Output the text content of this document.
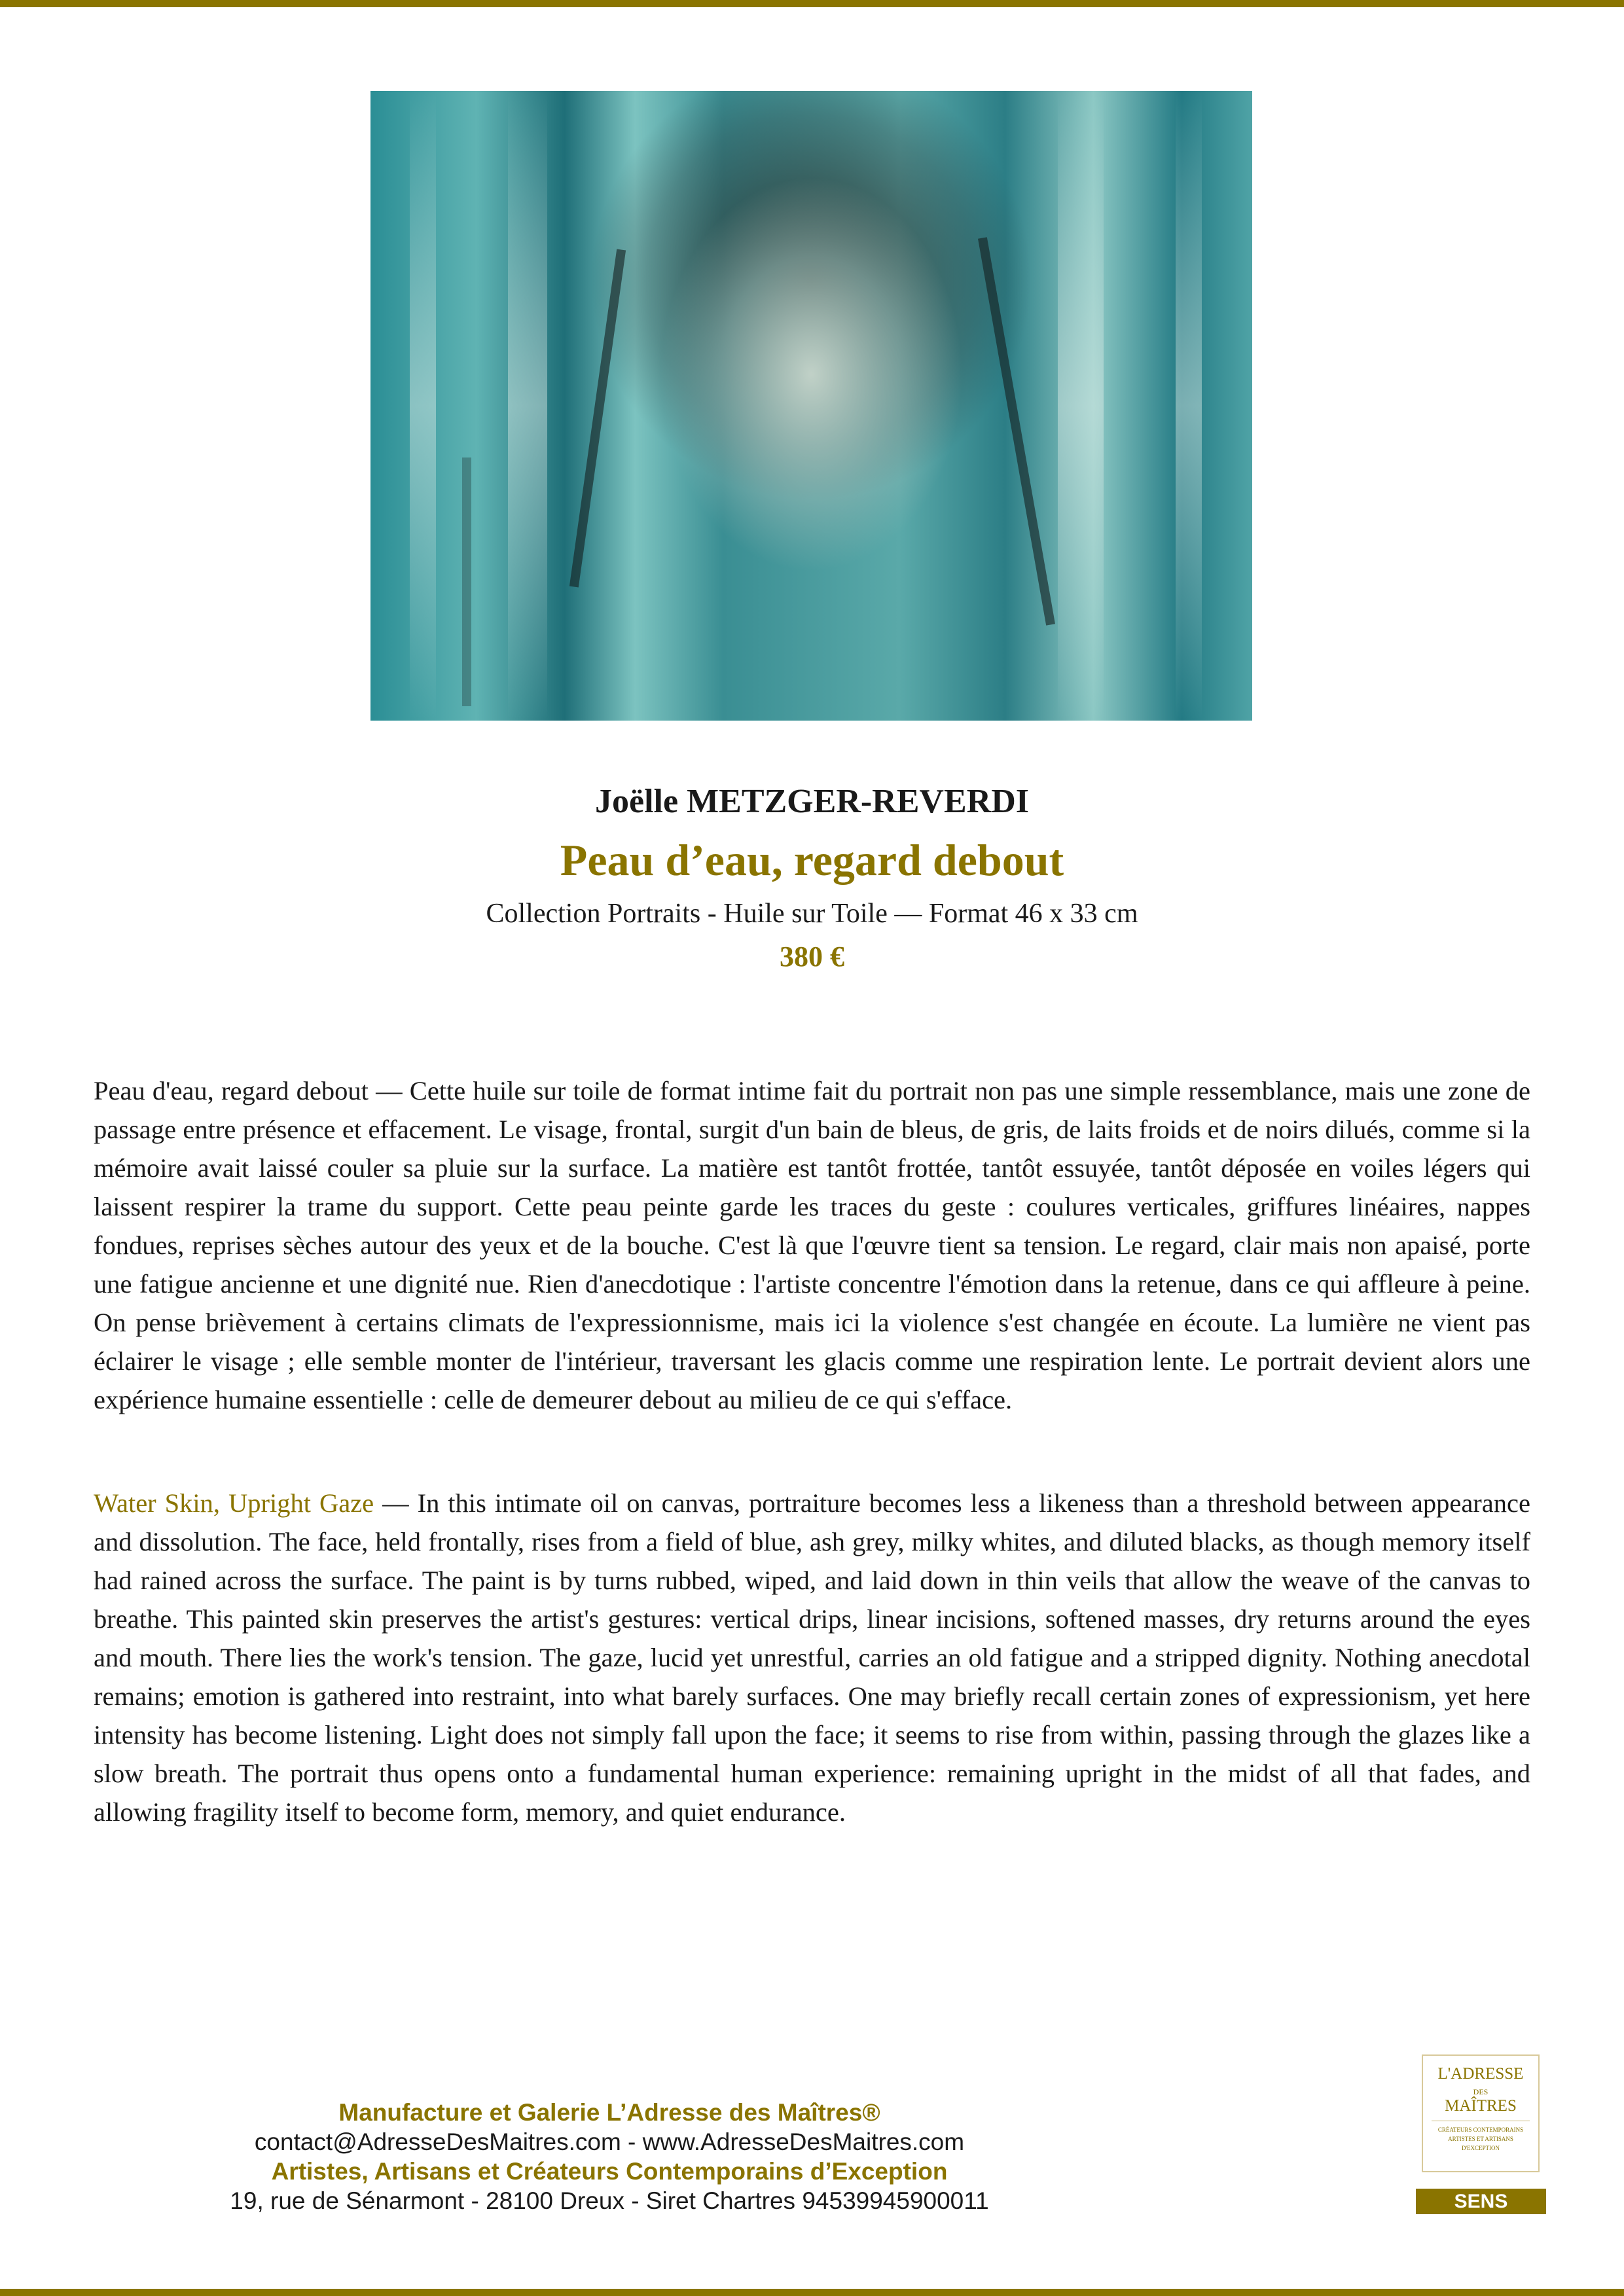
Joëlle METZGER-REVERDI
Peau d’eau, regard debout
Collection Portraits - Huile sur Toile — Format 46 x 33 cm
380 €
Peau d'eau, regard debout — Cette huile sur toile de format intime fait du portrait non pas une simple ressemblance, mais une zone de passage entre présence et effacement. Le visage, frontal, surgit d'un bain de bleus, de gris, de laits froids et de noirs dilués, comme si la mémoire avait laissé couler sa pluie sur la surface. La matière est tantôt frottée, tantôt essuyée, tantôt déposée en voiles légers qui laissent respirer la trame du support. Cette peau peinte garde les traces du geste : coulures verticales, griffures linéaires, nappes fondues, reprises sèches autour des yeux et de la bouche. C'est là que l'œuvre tient sa tension. Le regard, clair mais non apaisé, porte une fatigue ancienne et une dignité nue. Rien d'anecdotique : l'artiste concentre l'émotion dans la retenue, dans ce qui affleure à peine. On pense brièvement à certains climats de l'expressionnisme, mais ici la violence s'est changée en écoute. La lumière ne vient pas éclairer le visage ; elle semble monter de l'intérieur, traversant les glacis comme une respiration lente. Le portrait devient alors une expérience humaine essentielle : celle de demeurer debout au milieu de ce qui s'efface.
Water Skin, Upright Gaze — In this intimate oil on canvas, portraiture becomes less a likeness than a threshold between appearance and dissolution. The face, held frontally, rises from a field of blue, ash grey, milky whites, and diluted blacks, as though memory itself had rained across the surface. The paint is by turns rubbed, wiped, and laid down in thin veils that allow the weave of the canvas to breathe. This painted skin preserves the artist's gestures: vertical drips, linear incisions, softened masses, dry returns around the eyes and mouth. There lies the work's tension. The gaze, lucid yet unrestful, carries an old fatigue and a stripped dignity. Nothing anecdotal remains; emotion is gathered into restraint, into what barely surfaces. One may briefly recall certain zones of expressionism, yet here intensity has become listening. Light does not simply fall upon the face; it seems to rise from within, passing through the glazes like a slow breath. The portrait thus opens onto a fundamental human experience: remaining upright in the midst of all that fades, and allowing fragility itself to become form, memory, and quiet endurance.
Manufacture et Galerie L’Adresse des Maîtres®
contact@AdresseDesMaitres.com - www.AdresseDesMaitres.com
Artistes, Artisans et Créateurs Contemporains d’Exception
19, rue de Sénarmont - 28100 Dreux - Siret Chartres 94539945900011
L'ADRESSE
DES
MAÎTRES
CRÉATEURS CONTEMPORAINS
ARTISTES ET ARTISANS
D'EXCEPTION
SENS
